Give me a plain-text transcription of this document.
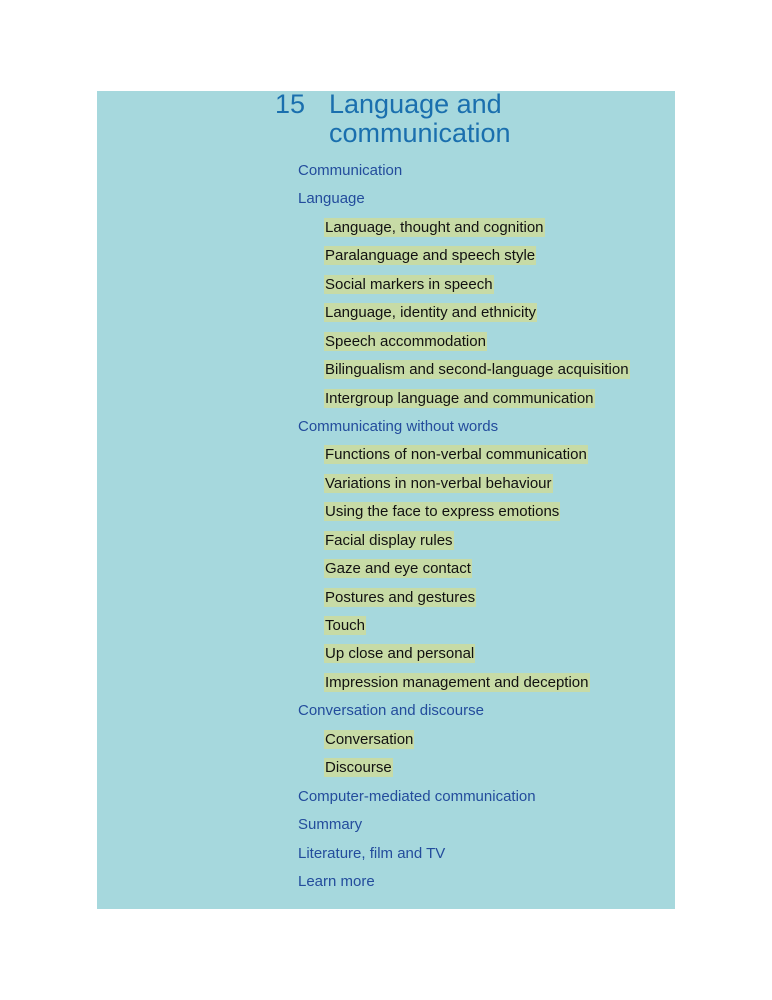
15 Language and communication
Communication
Language
Language, thought and cognition
Paralanguage and speech style
Social markers in speech
Language, identity and ethnicity
Speech accommodation
Bilingualism and second-language acquisition
Intergroup language and communication
Communicating without words
Functions of non-verbal communication
Variations in non-verbal behaviour
Using the face to express emotions
Facial display rules
Gaze and eye contact
Postures and gestures
Touch
Up close and personal
Impression management and deception
Conversation and discourse
Conversation
Discourse
Computer-mediated communication
Summary
Literature, film and TV
Learn more
